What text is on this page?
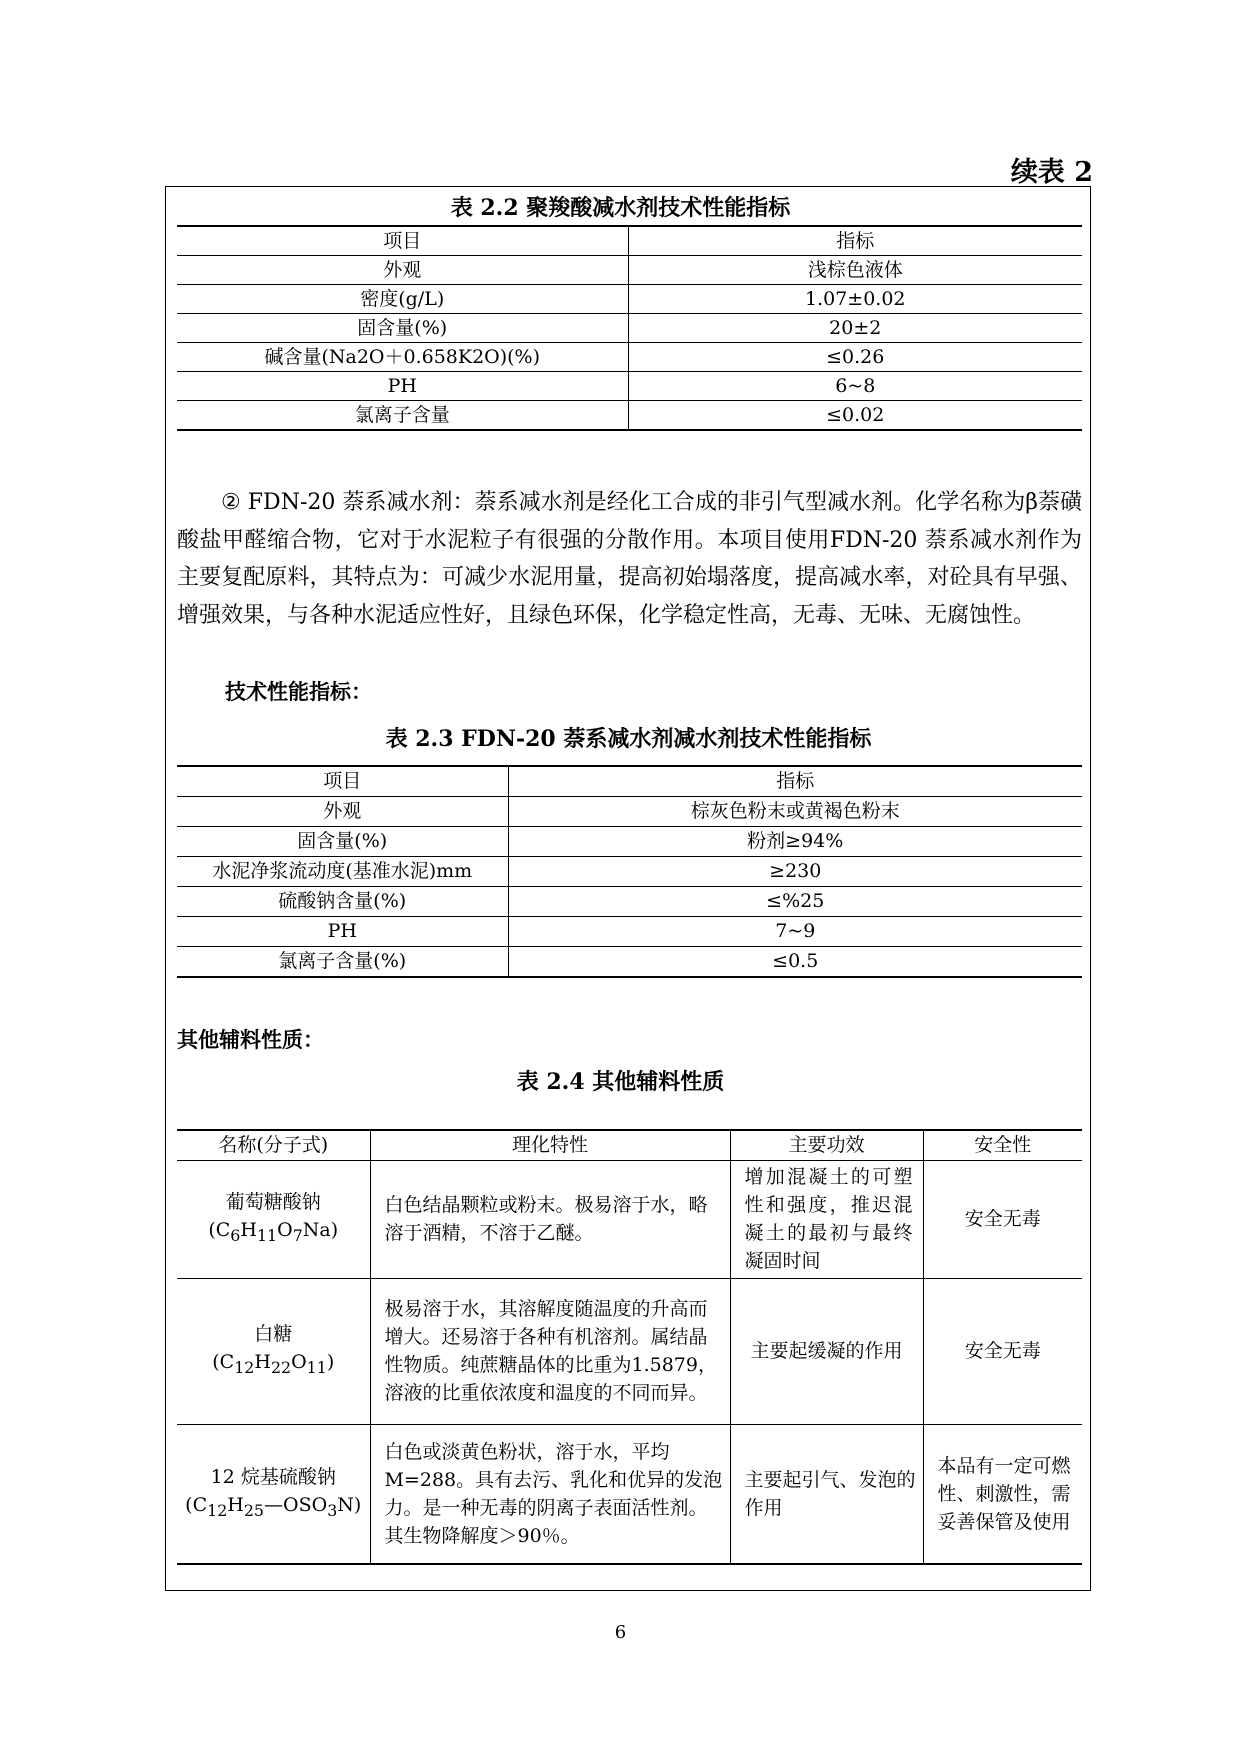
续表 2
表 2.2 聚羧酸减水剂技术性能指标
项目	指标
外观	浅棕色液体
密度(g/L)	1.07±0.02
固含量(%)	20±2
碱含量(Na2O＋0.658K2O)(%)	≤0.26
PH	6~8
氯离子含量	≤0.02

② FDN-20 萘系减水剂：萘系减水剂是经化工合成的非引气型减水剂。化学名称为β萘磺酸盐甲醛缩合物，它对于水泥粒子有很强的分散作用。本项目使用FDN-20 萘系减水剂作为主要复配原料，其特点为：可减少水泥用量，提高初始塌落度，提高减水率，对砼具有早强、增强效果，与各种水泥适应性好，且绿色环保，化学稳定性高，无毒、无味、无腐蚀性。

技术性能指标：
表 2.3 FDN-20 萘系减水剂减水剂技术性能指标
项目	指标
外观	棕灰色粉末或黄褐色粉末
固含量(%)	粉剂≥94%
水泥净浆流动度(基准水泥)mm	≥230
硫酸钠含量(%)	≤%25
PH	7~9
氯离子含量(%)	≤0.5
其他辅料性质：
表 2.4 其他辅料性质
名称(分子式)	理化特性	主要功效	安全性

葡萄糖酸钠
$(C_6H_{11}O_7Na)$	白色结晶颗粒或粉末。极易溶于水，略溶于酒精，不溶于乙醚。	增加混凝土的可塑性和强度，推迟混凝土的最初与最终凝固时间	安全无毒

白糖
$(C_{12}H_{22}O_{11})$	极易溶于水，其溶解度随温度的升高而增大。还易溶于各种有机溶剂。属结晶性物质。纯蔗糖晶体的比重为1.5879，溶液的比重依浓度和温度的不同而异。	主要起缓凝的作用	安全无毒

12 烷基硫酸钠
$(C_{12}H_{25}—OSO_3N)$	白色或淡黄色粉状，溶于水，平均M=288。具有去污、乳化和优异的发泡力。是一种无毒的阴离子表面活性剂。其生物降解度＞90％。	主要起引气、发泡的作用	本品有一定可燃性、刺激性，需妥善保管及使用
6
